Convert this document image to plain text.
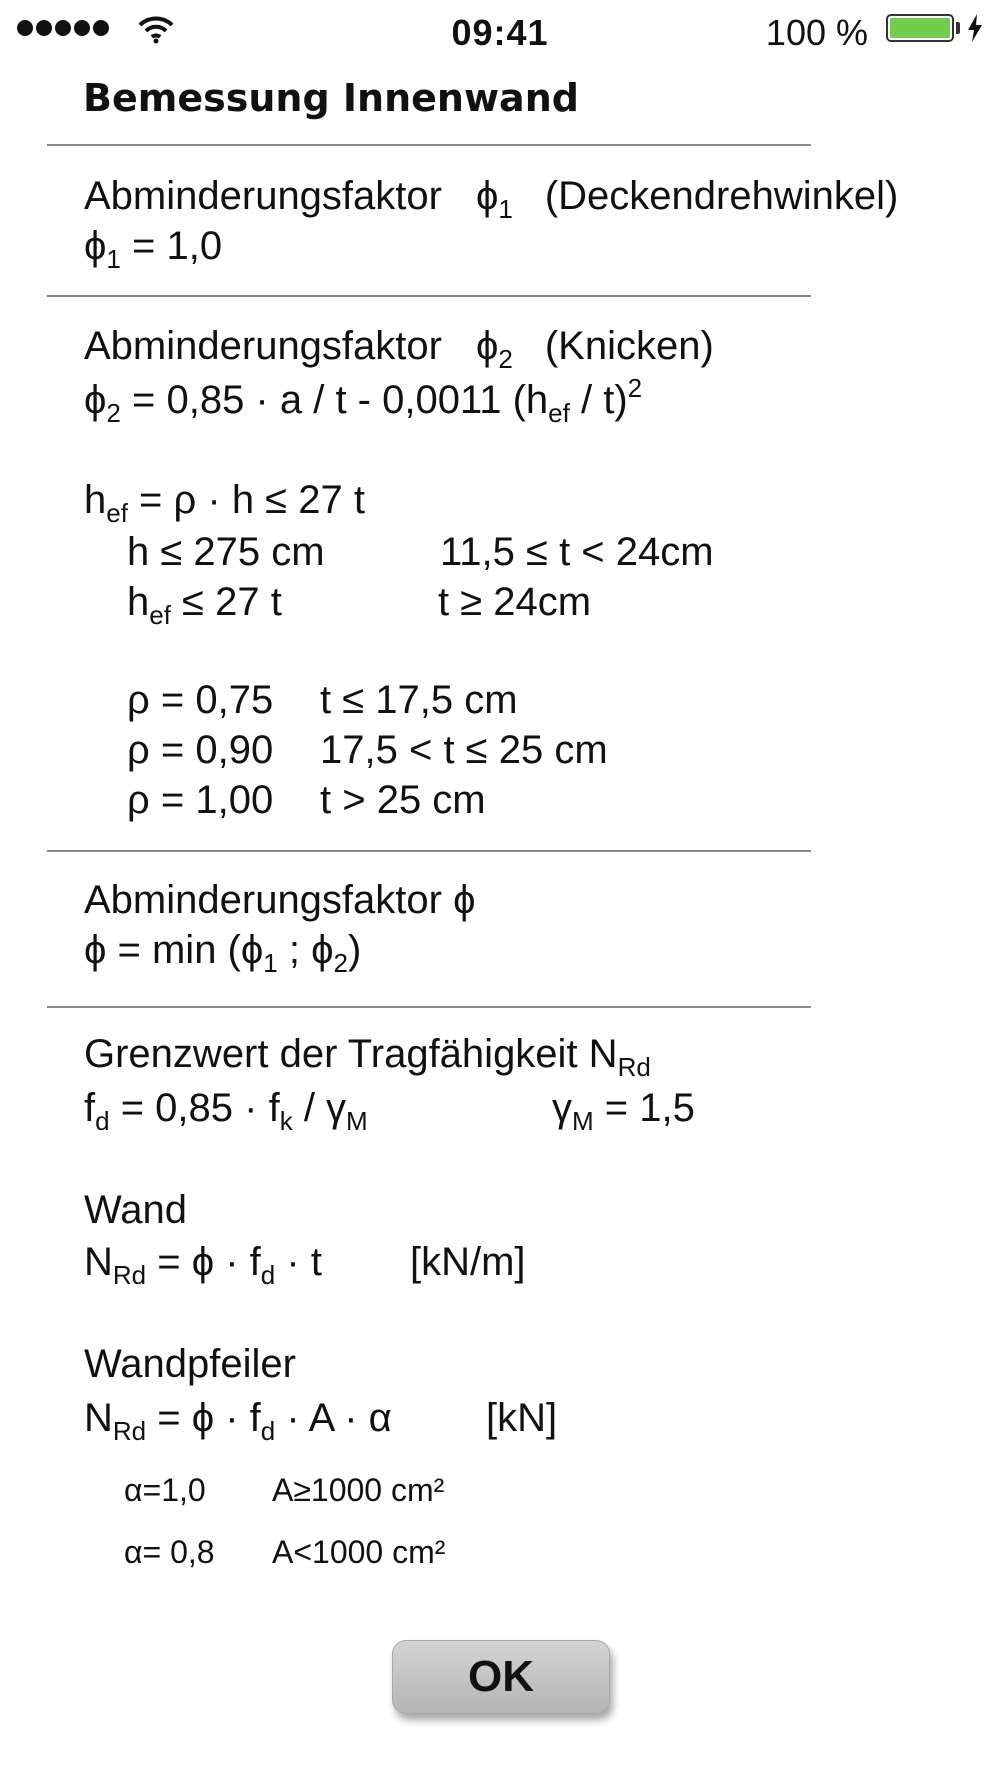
09:41	100 %
Bemessung Innenwand
Abminderungsfaktor $\phi_1$ (Deckendrehwinkel)
$\phi_1 = 1,0$
Abminderungsfaktor $\phi_2$ (Knicken)
$\phi_2 = 0,85 \cdot a / t - 0,0011$ $(h_{ef} / t)^2$
$h_{ef} = \rho \cdot h \le 27$ t
h ≤ 275 cm	11,5 ≤ t < 24cm
$h_{ef} \le 27$ t	t ≥ 24cm
ρ = 0,75 t ≤ 17,5 cm
ρ = 0,90 17,5 < t ≤ 25 cm
ρ = 1,00 t > 25 cm
Abminderungsfaktor ϕ
$\phi = \min (\phi_1$ ; $\phi_2$)
Grenzwert der Tragfähigkeit $N_{Rd}$
$f_d = 0,85 \cdot f_k / \gamma_M$	$\gamma_M = 1,5$
Wand
$N_{Rd} = \phi \cdot f_d \cdot t$ [kN/m]
Wandpfeiler
$N_{Rd} = \phi \cdot f_d \cdot A \cdot \alpha$ [kN]
α=1,0 A≥1000 cm²
α= 0,8 A<1000 cm²
OK
